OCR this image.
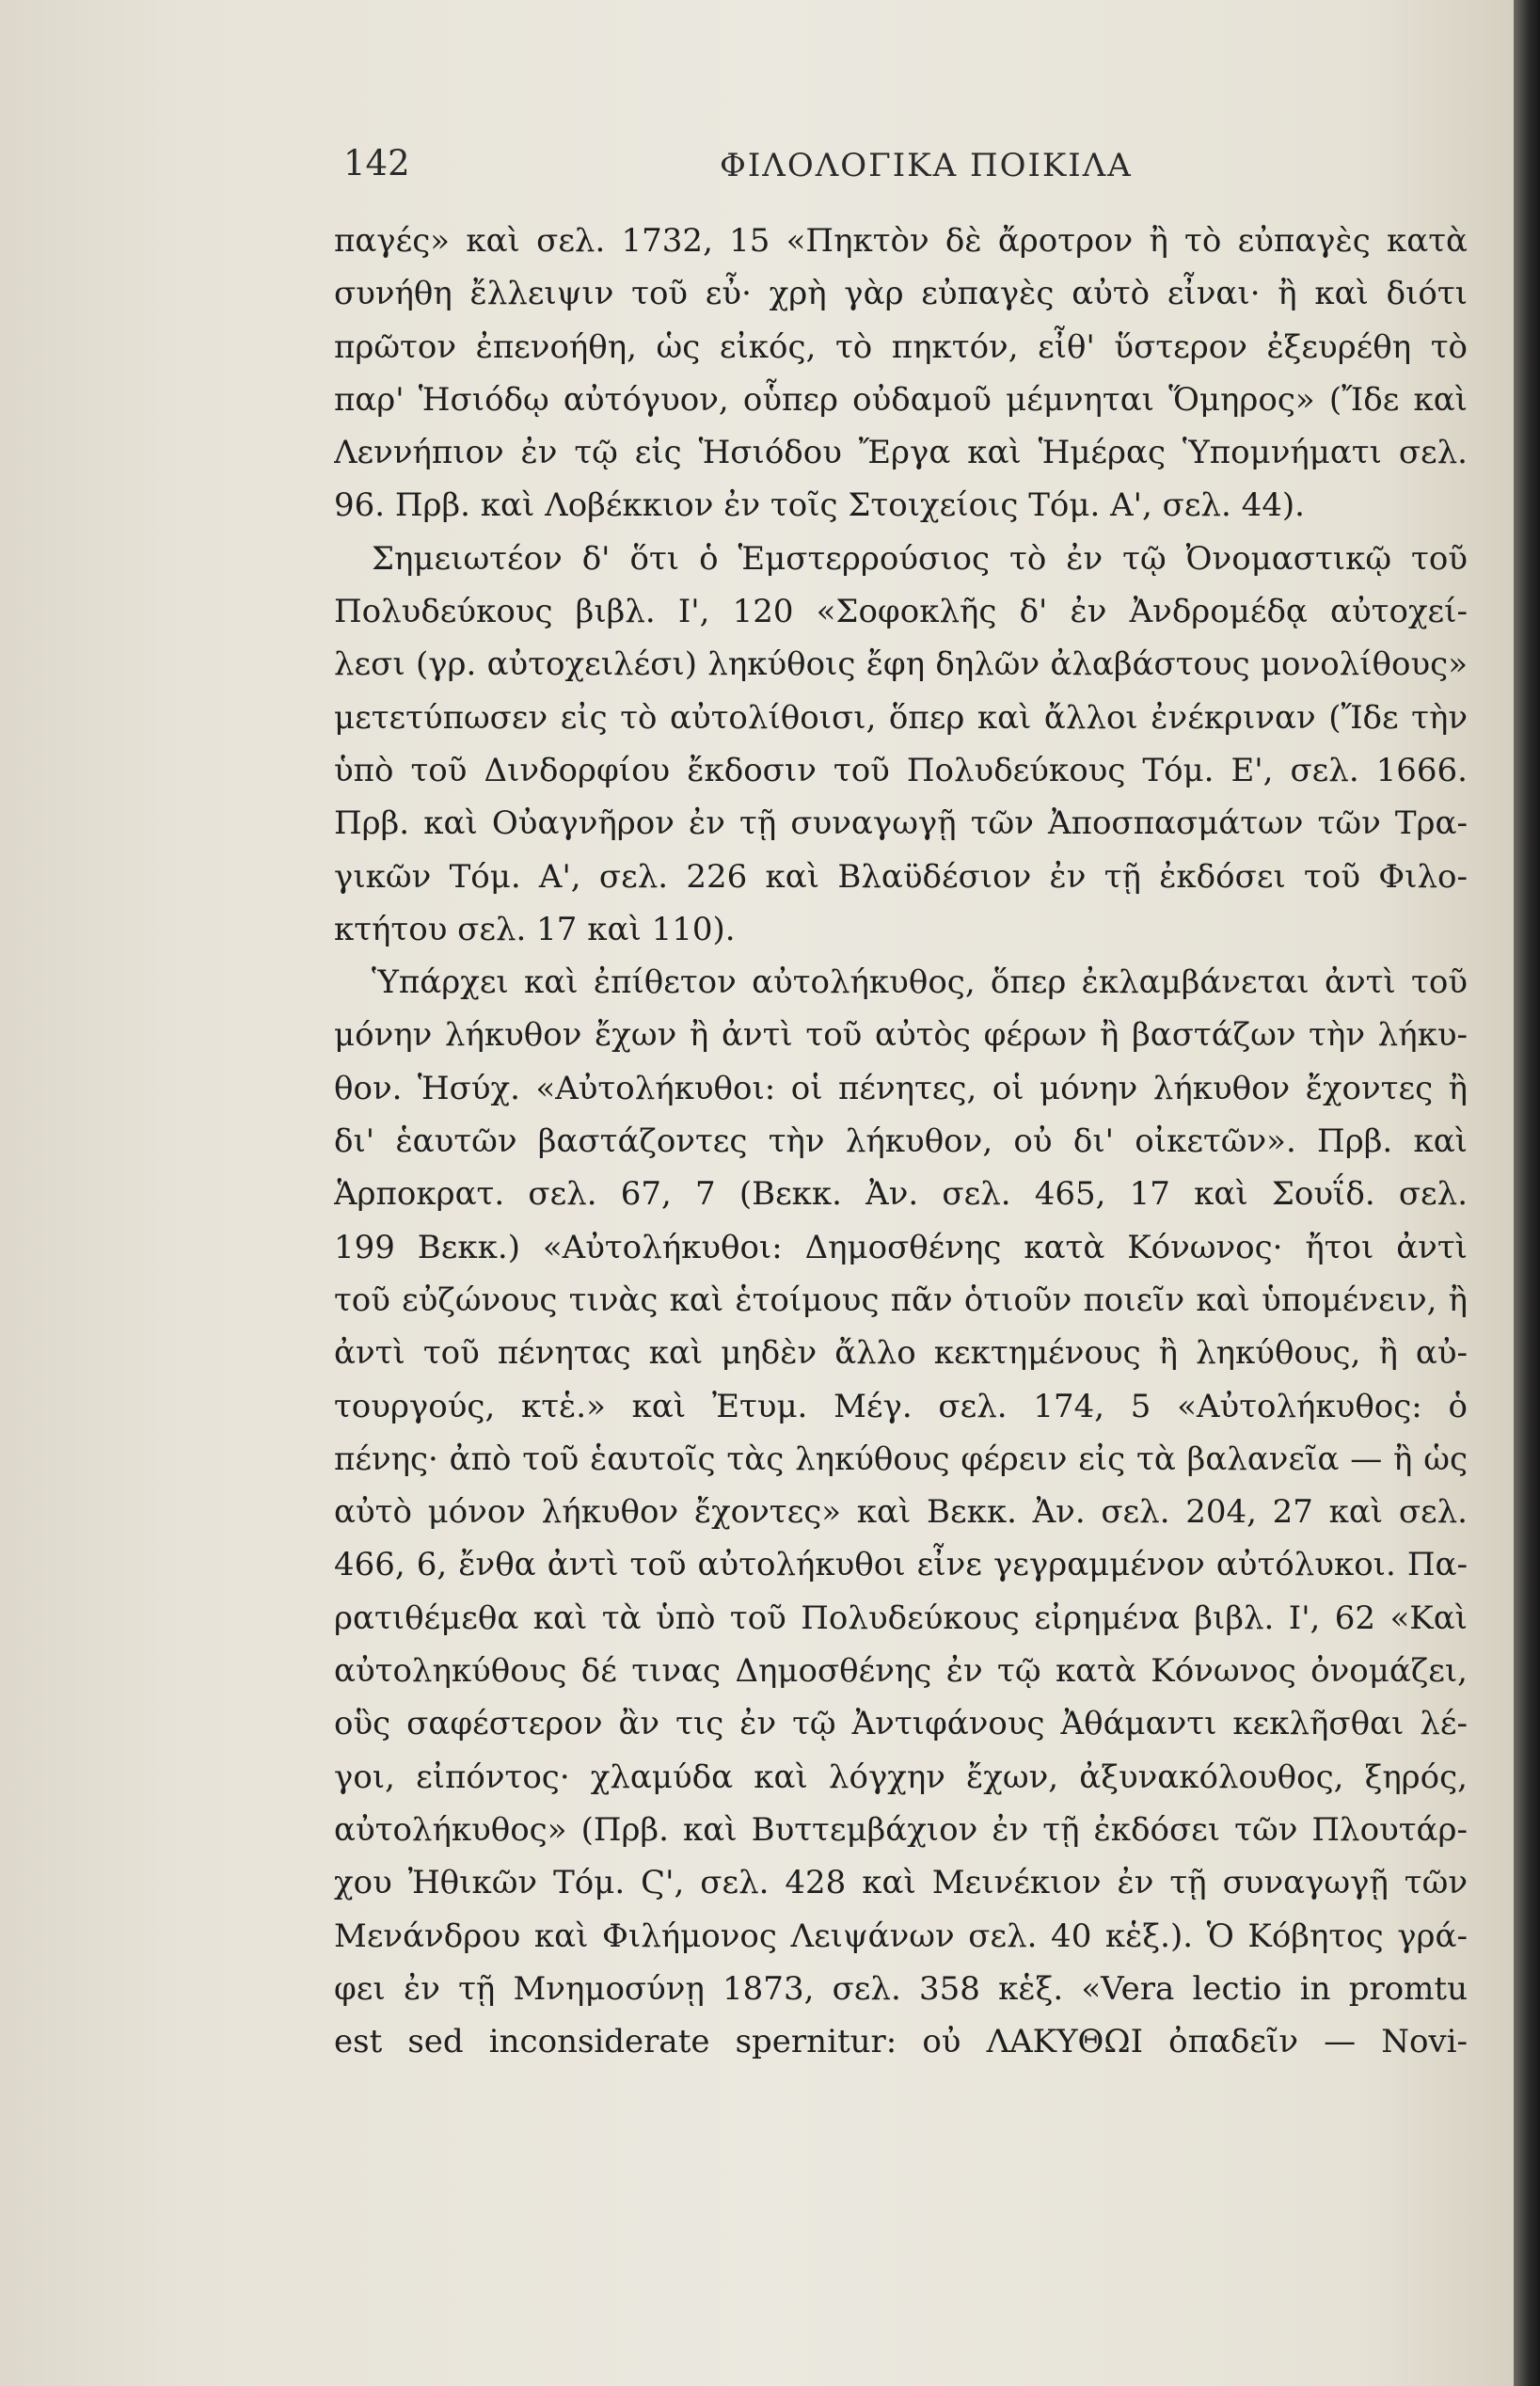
142	ΦΙΛΟΛΟΓΙΚΑ ΠΟΙΚΙΛΑ
παγές» καὶ σελ. 1732, 15 «Πηκτὸν δὲ ἄροτρον ἢ τὸ εὐπαγὲς κατὰ
συνήθη ἔλλειψιν τοῦ εὖ· χρὴ γὰρ εὐπαγὲς αὐτὸ εἶναι· ἢ καὶ διότι
πρῶτον ἐπενοήθη, ὡς εἰκός, τὸ πηκτόν, εἶθ' ὕστερον ἐξευρέθη τὸ
παρ' Ἡσιόδῳ αὐτόγυον, οὗπερ οὐδαμοῦ μέμνηται Ὅμηρος» (Ἴδε καὶ
Λεννήπιον ἐν τῷ εἰς Ἡσιόδου Ἔργα καὶ Ἡμέρας Ὑπομνήματι σελ.
96. Πρβ. καὶ Λοβέκκιον ἐν τοῖς Στοιχείοις Τόμ. Α', σελ. 44).
Σημειωτέον δ' ὅτι ὁ Ἑμστερρούσιος τὸ ἐν τῷ Ὀνομαστικῷ τοῦ
Πολυδεύκους βιβλ. Ι', 120 «Σοφοκλῆς δ' ἐν Ἀνδρομέδᾳ αὐτοχεί-
λεσι (γρ. αὐτοχειλέσι) ληκύθοις ἔφη δηλῶν ἀλαβάστους μονολίθους»
μετετύπωσεν εἰς τὸ αὐτολίθοισι, ὅπερ καὶ ἄλλοι ἐνέκριναν (Ἴδε τὴν
ὑπὸ τοῦ Δινδορφίου ἔκδοσιν τοῦ Πολυδεύκους Τόμ. Ε', σελ. 1666.
Πρβ. καὶ Οὐαγνῆρον ἐν τῇ συναγωγῇ τῶν Ἀποσπασμάτων τῶν Τρα-
γικῶν Τόμ. Α', σελ. 226 καὶ Βλαϋδέσιον ἐν τῇ ἐκδόσει τοῦ Φιλο-
κτήτου σελ. 17 καὶ 110).
Ὑπάρχει καὶ ἐπίθετον αὐτολήκυθος, ὅπερ ἐκλαμβάνεται ἀντὶ τοῦ
μόνην λήκυθον ἔχων ἢ ἀντὶ τοῦ αὐτὸς φέρων ἢ βαστάζων τὴν λήκυ-
θον. Ἡσύχ. «Αὐτολήκυθοι: οἱ πένητες, οἱ μόνην λήκυθον ἔχοντες ἢ
δι' ἑαυτῶν βαστάζοντες τὴν λήκυθον, οὐ δι' οἰκετῶν». Πρβ. καὶ
Ἁρποκρατ. σελ. 67, 7 (Βεκκ. Ἀν. σελ. 465, 17 καὶ Σουΐδ. σελ.
199 Βεκκ.) «Αὐτολήκυθοι: Δημοσθένης κατὰ Κόνωνος· ἤτοι ἀντὶ
τοῦ εὐζώνους τινὰς καὶ ἑτοίμους πᾶν ὁτιοῦν ποιεῖν καὶ ὑπομένειν, ἢ
ἀντὶ τοῦ πένητας καὶ μηδὲν ἄλλο κεκτημένους ἢ ληκύθους, ἢ αὐ-
τουργούς, κτἑ.» καὶ Ἐτυμ. Μέγ. σελ. 174, 5 «Αὐτολήκυθος: ὁ
πένης· ἀπὸ τοῦ ἑαυτοῖς τὰς ληκύθους φέρειν εἰς τὰ βαλανεῖα — ἢ ὡς
αὐτὸ μόνον λήκυθον ἔχοντες» καὶ Βεκκ. Ἀν. σελ. 204, 27 καὶ σελ.
466, 6, ἔνθα ἀντὶ τοῦ αὐτολήκυθοι εἶνε γεγραμμένον αὐτόλυκοι. Πα-
ρατιθέμεθα καὶ τὰ ὑπὸ τοῦ Πολυδεύκους εἰρημένα βιβλ. Ι', 62 «Καὶ
αὐτοληκύθους δέ τινας Δημοσθένης ἐν τῷ κατὰ Κόνωνος ὀνομάζει,
οὓς σαφέστερον ἂν τις ἐν τῷ Ἀντιφάνους Ἀθάμαντι κεκλῆσθαι λέ-
γοι, εἰπόντος· χλαμύδα καὶ λόγχην ἔχων, ἀξυνακόλουθος, ξηρός,
αὐτολήκυθος» (Πρβ. καὶ Βυττεμβάχιον ἐν τῇ ἐκδόσει τῶν Πλουτάρ-
χου Ἠθικῶν Τόμ. Ϛ', σελ. 428 καὶ Μεινέκιον ἐν τῇ συναγωγῇ τῶν
Μενάνδρου καὶ Φιλήμονος Λειψάνων σελ. 40 κἑξ.). Ὁ Κόβητος γρά-
φει ἐν τῇ Μνημοσύνῃ 1873, σελ. 358 κἑξ. «Vera lectio in promtu
est sed inconsiderate spernitur: οὐ ΛΑΚΥΘΩΙ ὀπαδεῖν — Novi-
